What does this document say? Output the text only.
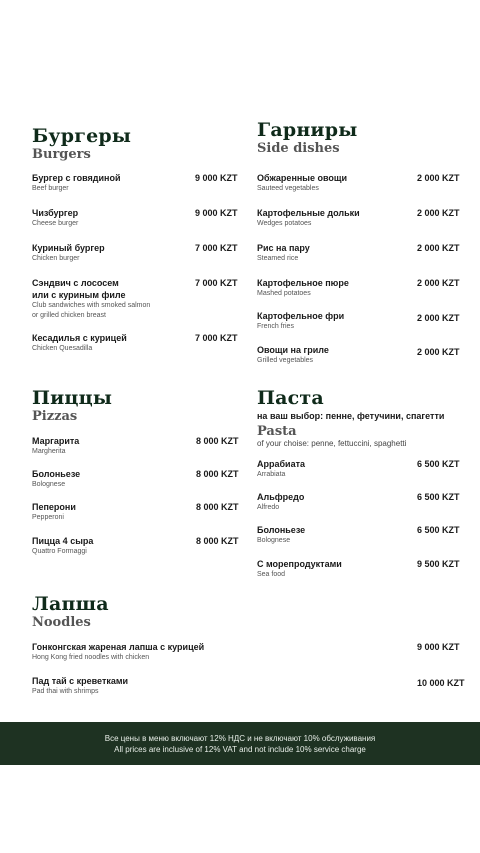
Бургеры
Burgers
Бургер с говядиной
Beef burger
9 000 KZT
Чизбургер
Cheese burger
9 000 KZT
Куриный бургер
Chicken burger
7 000 KZT
Сэндвич с лососем
или с куриным филе
Club sandwiches with smoked salmon
or grilled chicken breast
7 000 KZT
Кесадилья с курицей
Chicken Quesadilla
7 000 KZT
Гарниры
Side dishes
Обжаренные овощи
Sauteed vegetables
2 000 KZT
Картофельные дольки
Wedges potatoes
2 000 KZT
Рис на пару
Steamed rice
2 000 KZT
Картофельное пюре
Mashed potatoes
2 000 KZT
Картофельное фри
French fries
2 000 KZT
Овощи на гриле
Grilled vegetables
2 000 KZT
Пиццы
Pizzas
Маргарита
Margherita
8 000 KZT
Болоньезе
Bolognese
8 000 KZT
Пеперони
Pepperoni
8 000 KZT
Пицца 4 сыра
Quattro Formaggi
8 000 KZT
Паста
на ваш выбор: пенне, фетучини, спагетти
Pasta
of your choise: penne, fettuccini, spaghetti
Аррабиата
Arrabiata
6 500 KZT
Альфредо
Alfredo
6 500 KZT
Болоньезе
Bolognese
6 500 KZT
С морепродуктами
Sea food
9 500 KZT
Лапша
Noodles
Гонконгская жареная лапша с курицей
Hong Kong fried noodles with chicken
9 000 KZT
Пад тай с креветками
Pad thai with shrimps
10 000 KZT
Все цены в меню включают 12% НДС и не включают 10% обслуживания
All prices are inclusive of 12% VAT and not include 10% service charge
